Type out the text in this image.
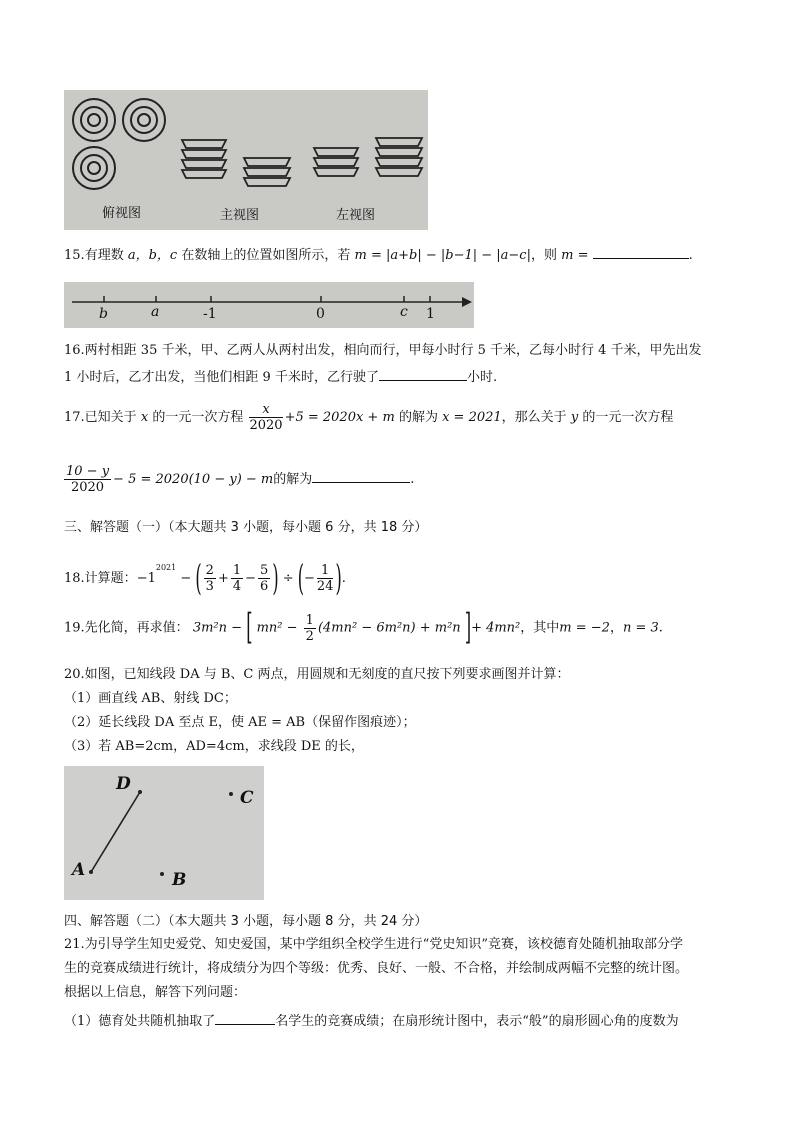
俯视图	主视图	左视图
15.有理数 a，b，c 在数轴上的位置如图所示，若 m = |a+b| − |b−1| − |a−c|，则 m =	.
b	a	-1	0	c 1
16.两村相距 35 千米，甲、乙两人从两村出发，相向而行，甲每小时行 5 千米，乙每小时行 4 千米，甲先出发
1 小时后，乙才出发，当他们相距 9 千米时，乙行驶了	小时.
17.已知关于 x 的一元一次方程 $\frac{x}{2020} +5 = 2020x + m$ 的解为 x = 2021，那么关于 y 的一元一次方程
$\frac{10 - y}{2020} - 5 = 2020(10 - y) - m$的解为	.
三、解答题（一）（本大题共 3 小题，每小题 6 分，共 18 分）
18.计算题：$-1^{2021}$ − ( $\frac{2}{3} + \frac{1}{4} - \frac{5}{6}$ ) ÷ (− $\frac{1}{24}$ ).
19.先化简，再求值： 3m²n − [ $mn^2 - \frac{1}{2} (4mn^2 - 6m^2n) + m^2n$ ]+ 4mn²，其中m = −2，n = 3.
20.如图，已知线段 DA 与 B、C 两点，用圆规和无刻度的直尺按下列要求画图并计算：
（1）画直线 AB、射线 DC；
（2）延长线段 DA 至点 E，使 AE = AB（保留作图痕迹）；
（3）若 AB=2cm，AD=4cm，求线段 DE 的长，
D
C
A	B
四、解答题（二）（本大题共 3 小题，每小题 8 分，共 24 分）
21.为引导学生知史爱党、知史爱国，某中学组织全校学生进行“党史知识”竞赛，该校德育处随机抽取部分学
生的竞赛成绩进行统计，将成绩分为四个等级：优秀、良好、一般、不合格，并绘制成两幅不完整的统计图。
根据以上信息，解答下列问题：
（1）德育处共随机抽取了	名学生的竞赛成绩；在扇形统计图中，表示“般”的扇形圆心角的度数为
